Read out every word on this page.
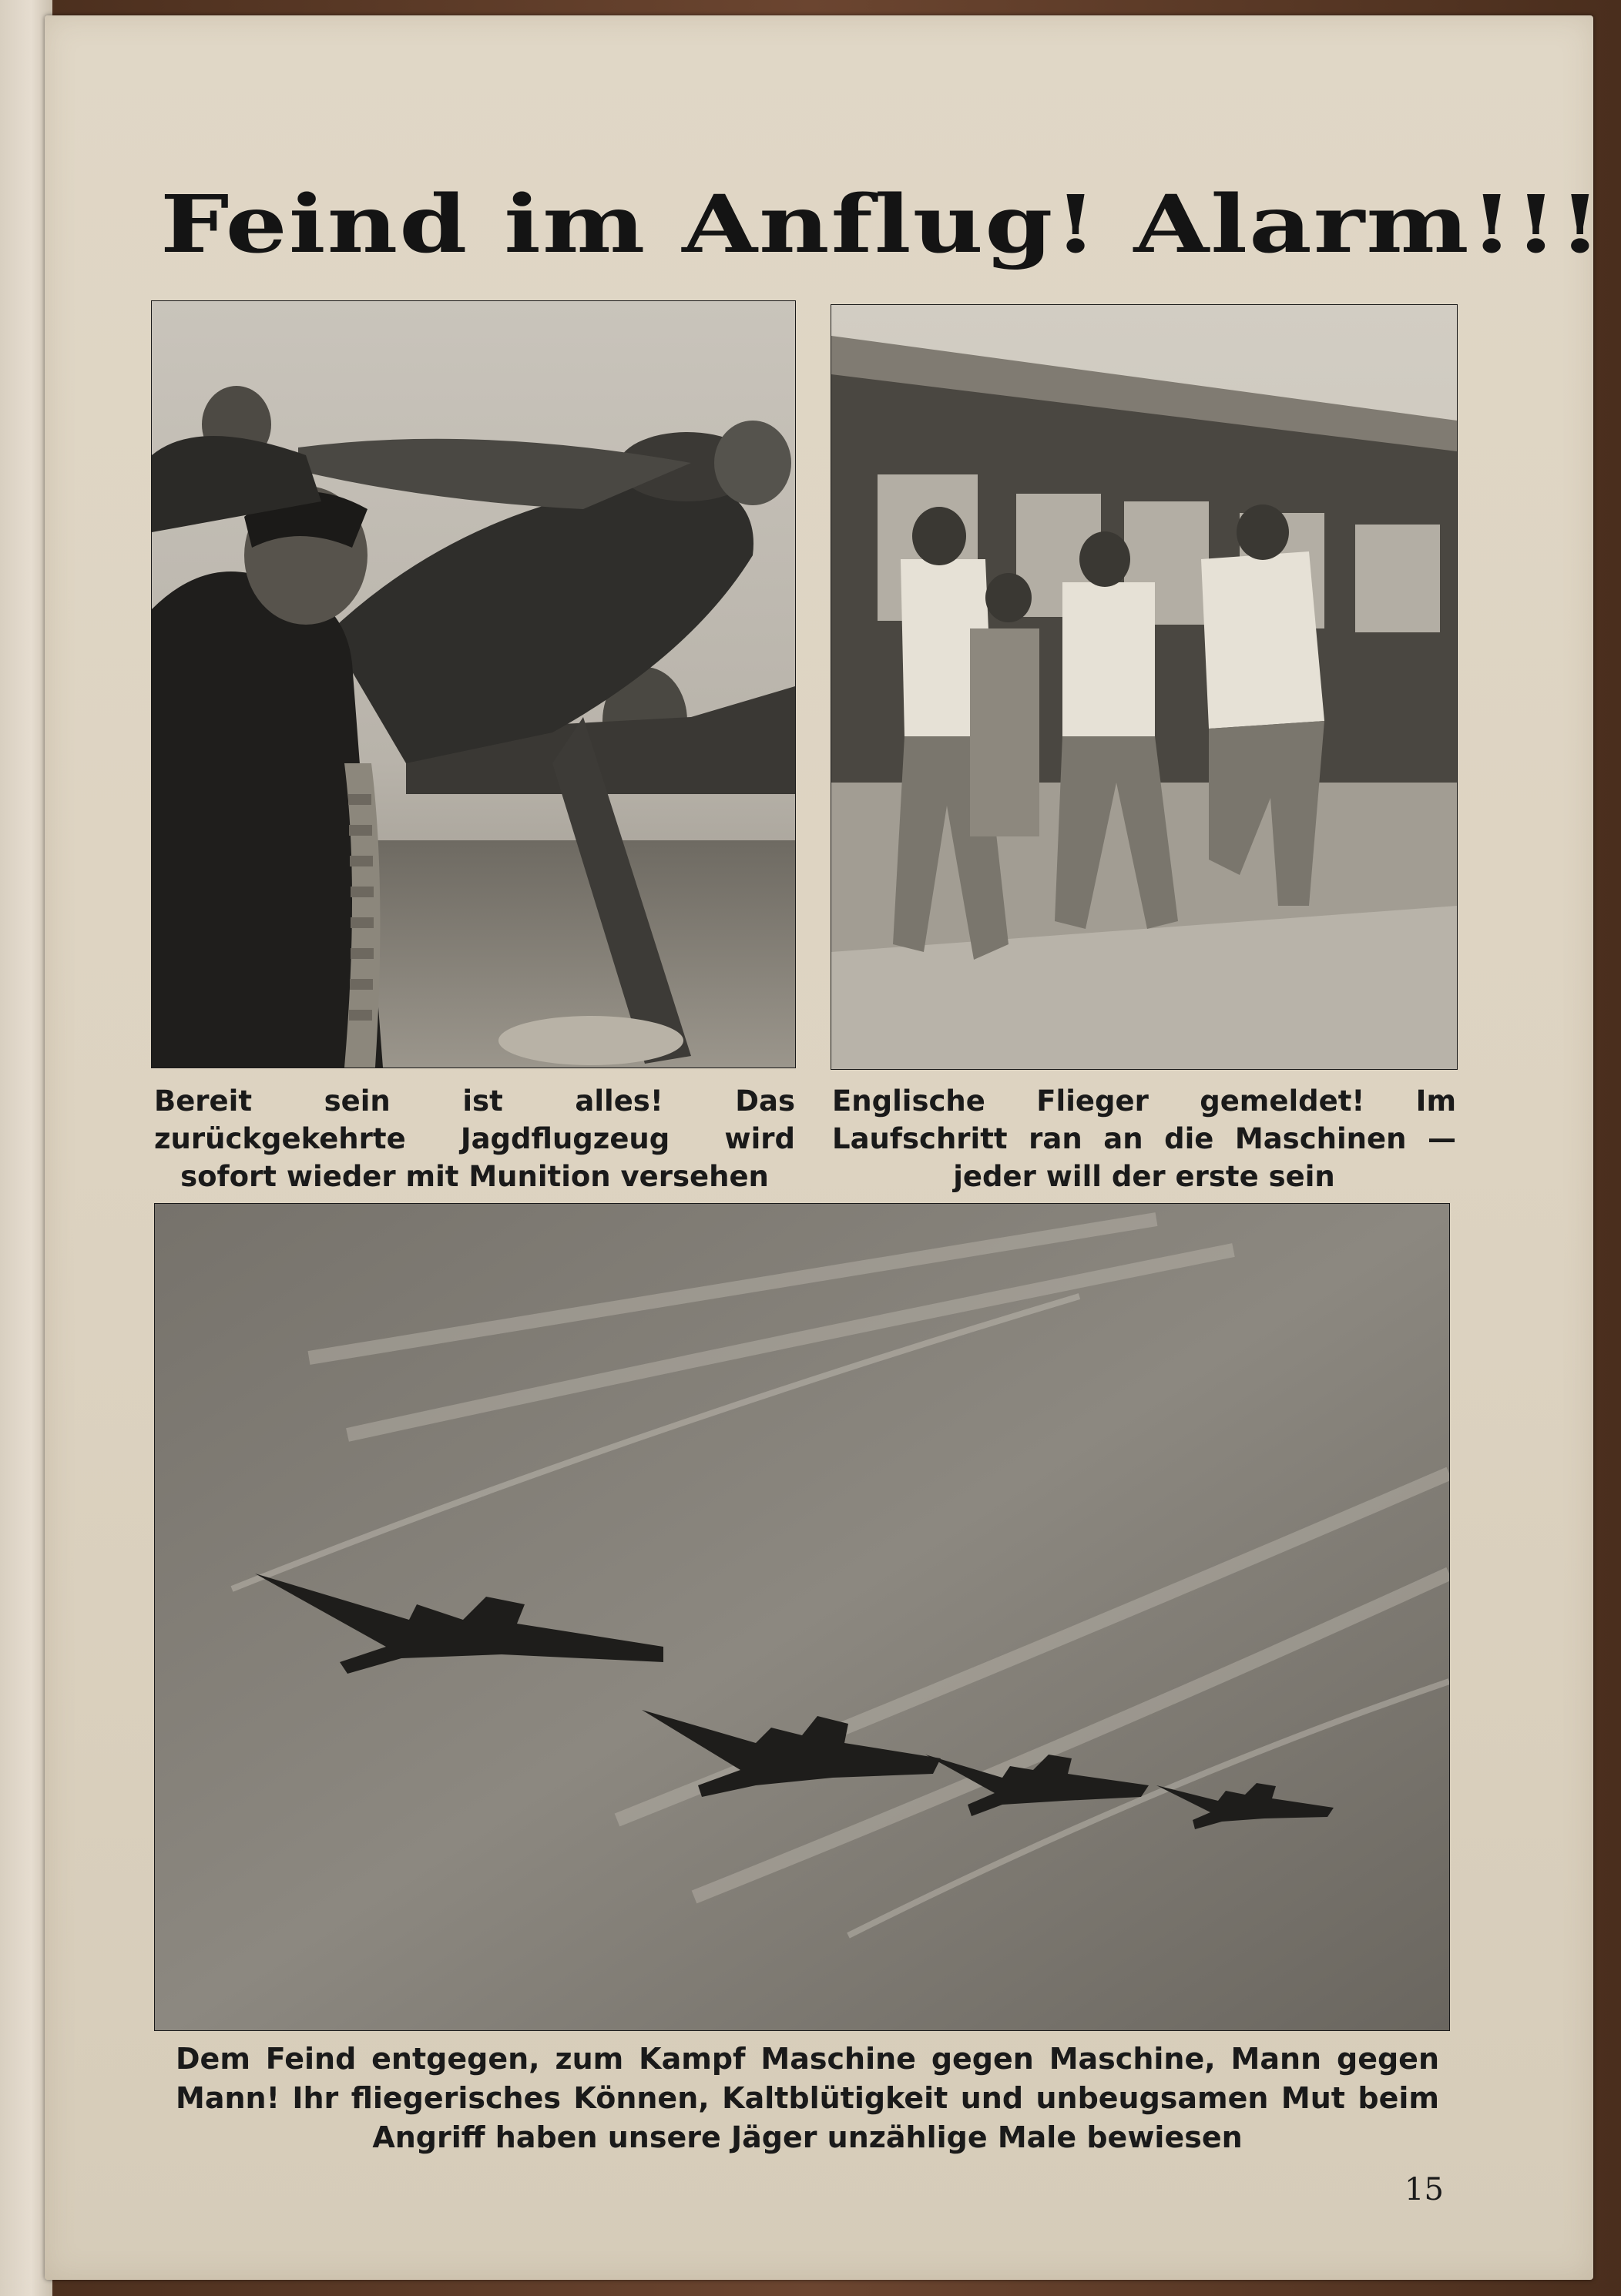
Feind im Anflug! Alarm!!!

Bereit sein ist alles! Das zurückgekehrte Jagdflugzeug wird sofort wieder mit Munition versehen

Englische Flieger gemeldet! Im Laufschritt ran an die Maschinen — jeder will der erste sein

Dem Feind entgegen, zum Kampf Maschine gegen Maschine, Mann gegen Mann! Ihr fliegerisches Können, Kaltblütigkeit und unbeugsamen Mut beim Angriff haben unsere Jäger unzählige Male bewiesen

15
